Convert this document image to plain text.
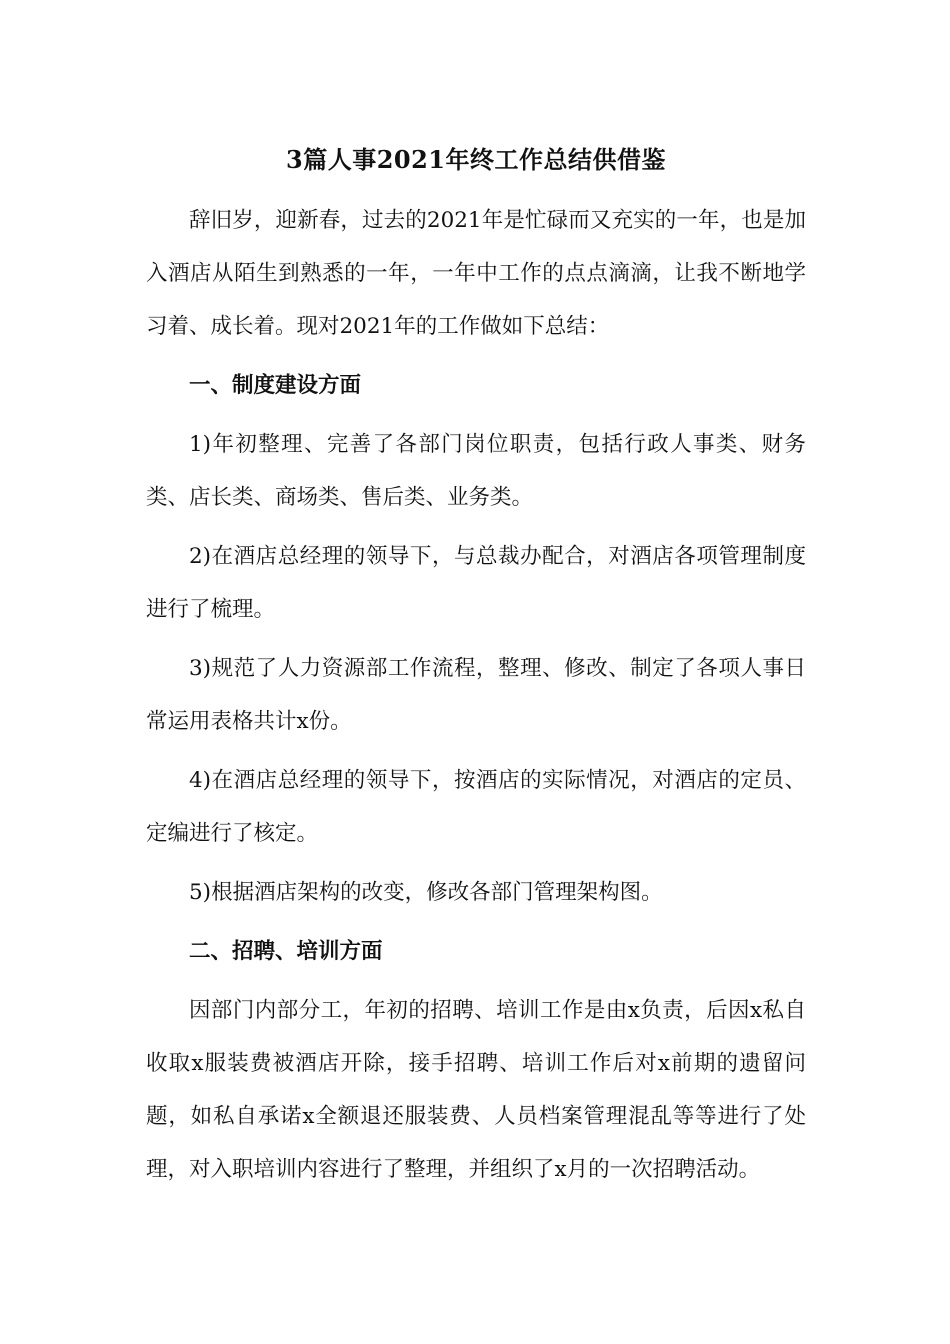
3篇人事2021年终工作总结供借鉴

辞旧岁，迎新春，过去的2021年是忙碌而又充实的一年，也是加入酒店从陌生到熟悉的一年，一年中工作的点点滴滴，让我不断地学习着、成长着。现对2021年的工作做如下总结：

一、制度建设方面

1)年初整理、完善了各部门岗位职责，包括行政人事类、财务类、店长类、商场类、售后类、业务类。

2)在酒店总经理的领导下，与总裁办配合，对酒店各项管理制度进行了梳理。

3)规范了人力资源部工作流程，整理、修改、制定了各项人事日常运用表格共计x份。

4)在酒店总经理的领导下，按酒店的实际情况，对酒店的定员、定编进行了核定。

5)根据酒店架构的改变，修改各部门管理架构图。

二、招聘、培训方面

因部门内部分工，年初的招聘、培训工作是由x负责，后因x私自收取x服装费被酒店开除，接手招聘、培训工作后对x前期的遗留问题，如私自承诺x全额退还服装费、人员档案管理混乱等等进行了处理，对入职培训内容进行了整理，并组织了x月的一次招聘活动。
